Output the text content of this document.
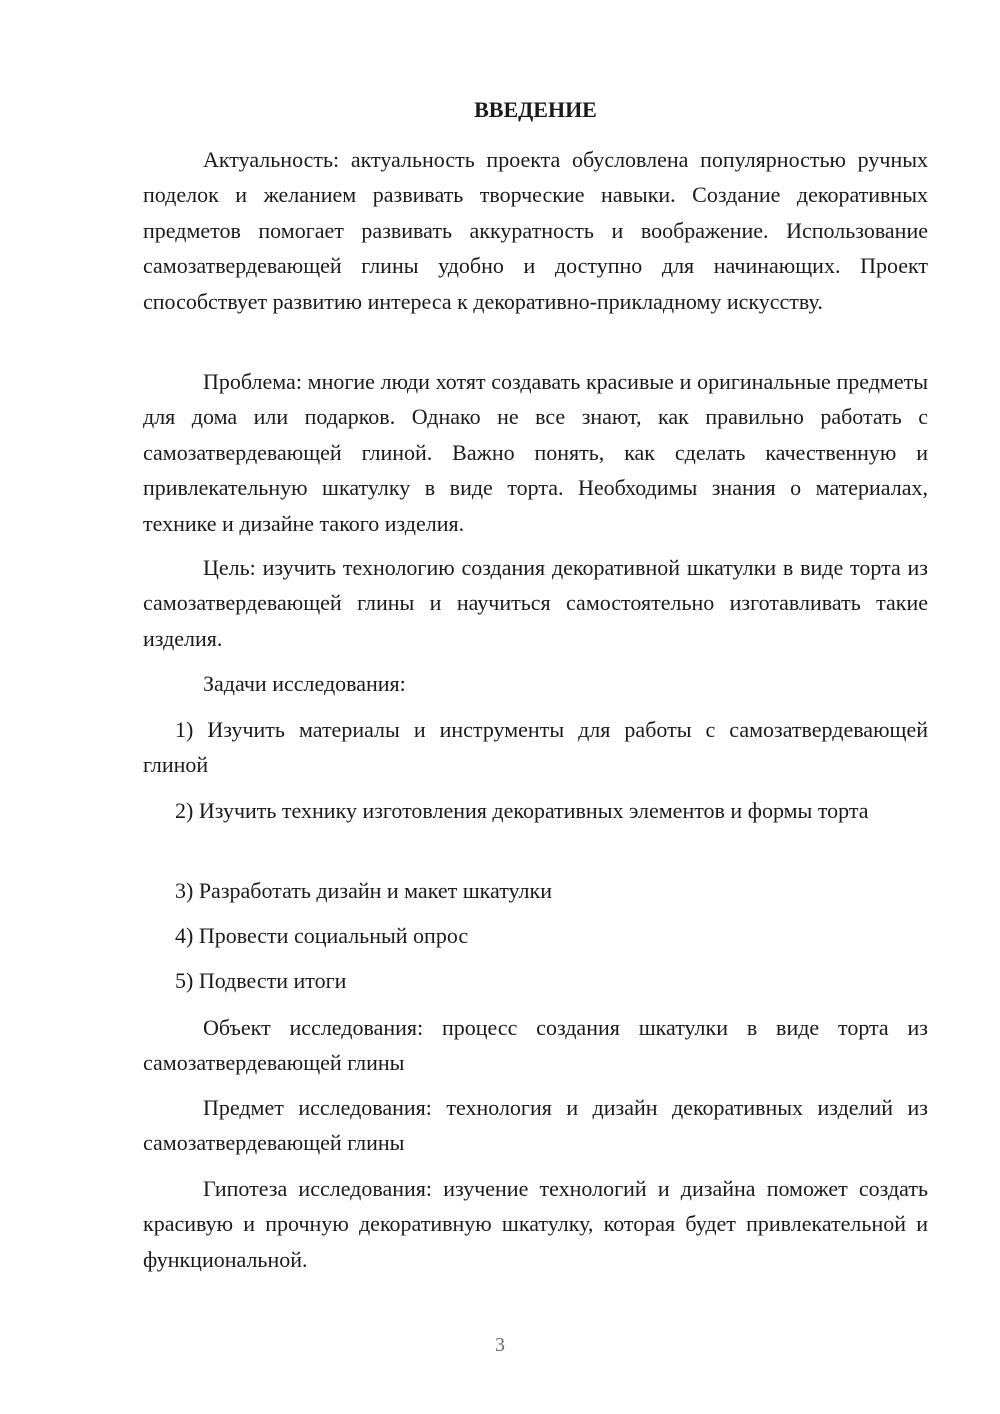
ВВЕДЕНИЕ

Актуальность: актуальность проекта обусловлена популярностью ручных поделок и желанием развивать творческие навыки. Создание декоративных предметов помогает развивать аккуратность и воображение. Использование самозатвердевающей глины удобно и доступно для начинающих. Проект способствует развитию интереса к декоративно-прикладному искусству.

Проблема: многие люди хотят создавать красивые и оригинальные предметы для дома или подарков. Однако не все знают, как правильно работать с самозатвердевающей глиной. Важно понять, как сделать качественную и привлекательную шкатулку в виде торта. Необходимы знания о материалах, технике и дизайне такого изделия.

Цель: изучить технологию создания декоративной шкатулки в виде торта из самозатвердевающей глины и научиться самостоятельно изготавливать такие изделия.

Задачи исследования:

1) Изучить материалы и инструменты для работы с самозатвердевающей глиной

2) Изучить технику изготовления декоративных элементов и формы торта

3) Разработать дизайн и макет шкатулки

4) Провести социальный опрос

5) Подвести итоги

Объект исследования: процесс создания шкатулки в виде торта из самозатвердевающей глины

Предмет исследования: технология и дизайн декоративных изделий из самозатвердевающей глины

Гипотеза исследования: изучение технологий и дизайна поможет создать красивую и прочную декоративную шкатулку, которая будет привлекательной и функциональной.

3
